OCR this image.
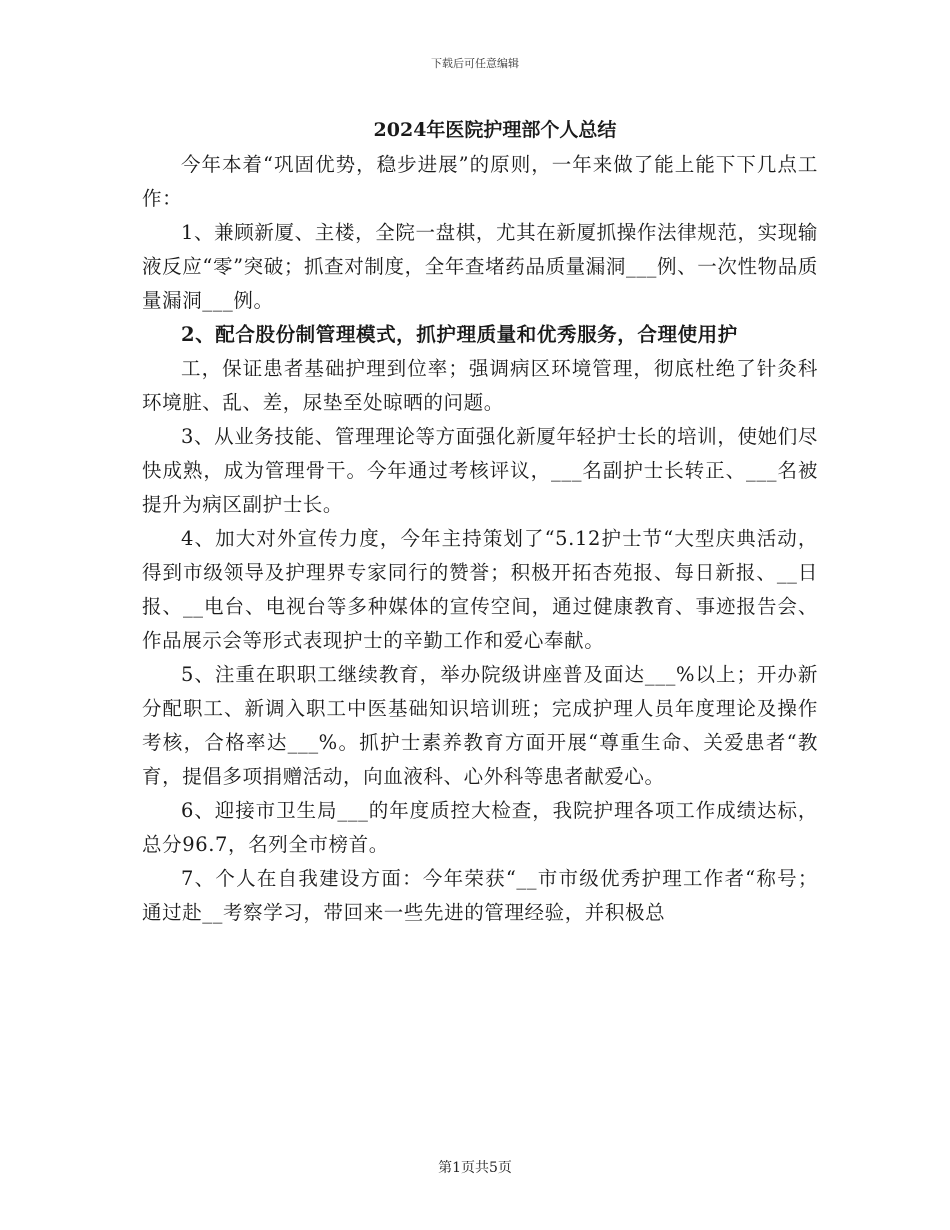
下载后可任意编辑
2024年医院护理部个人总结

今年本着“巩固优势，稳步进展”的原则，一年来做了能上能下下几点工作：

1、兼顾新厦、主楼，全院一盘棋，尤其在新厦抓操作法律规范，实现输液反应“零”突破；抓查对制度，全年查堵药品质量漏洞___例、一次性物品质量漏洞___例。

2、配合股份制管理模式，抓护理质量和优秀服务，合理使用护

工，保证患者基础护理到位率；强调病区环境管理，彻底杜绝了针灸科环境脏、乱、差，尿垫至处晾晒的问题。

3、从业务技能、管理理论等方面强化新厦年轻护士长的培训，使她们尽快成熟，成为管理骨干。今年通过考核评议，___名副护士长转正、___名被提升为病区副护士长。

4、加大对外宣传力度，今年主持策划了“5.12护士节“大型庆典活动，得到市级领导及护理界专家同行的赞誉；积极开拓杏苑报、每日新报、__日报、__电台、电视台等多种媒体的宣传空间，通过健康教育、事迹报告会、作品展示会等形式表现护士的辛勤工作和爱心奉献。

5、注重在职职工继续教育，举办院级讲座普及面达___%以上；开办新分配职工、新调入职工中医基础知识培训班；完成护理人员年度理论及操作考核，合格率达___%。抓护士素养教育方面开展“尊重生命、关爱患者“教育，提倡多项捐赠活动，向血液科、心外科等患者献爱心。

6、迎接市卫生局___的年度质控大检查，我院护理各项工作成绩达标，总分96.7，名列全市榜首。

7、个人在自我建设方面：今年荣获“__市市级优秀护理工作者“称号；通过赴__考察学习，带回来一些先进的管理经验，并积极总

第1页共5页
